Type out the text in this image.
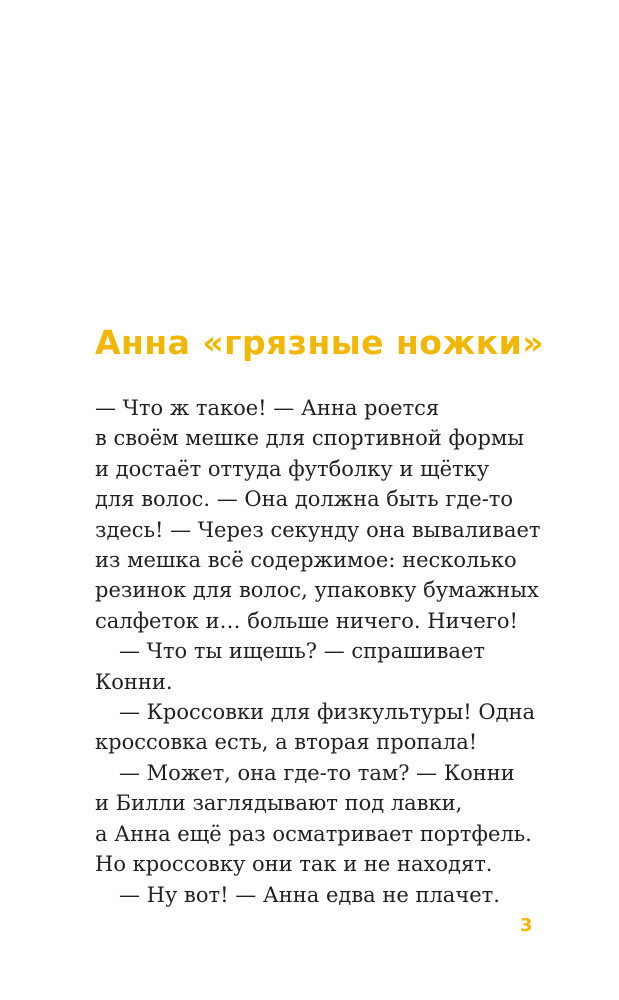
Анна «грязные ножки»
— Что ж такое! — Анна роется
в своём мешке для спортивной формы
и достаёт оттуда футболку и щётку
для волос. — Она должна быть где-то
здесь! — Через секунду она вываливает
из мешка всё содержимое: несколько
резинок для волос, упаковку бумажных
салфеток и… больше ничего. Ничего!
— Что ты ищешь? — спрашивает
Конни.
— Кроссовки для физкультуры! Одна
кроссовка есть, а вторая пропала!
— Может, она где-то там? — Конни
и Билли заглядывают под лавки,
а Анна ещё раз осматривает портфель.
Но кроссовку они так и не находят.
— Ну вот! — Анна едва не плачет.
3
